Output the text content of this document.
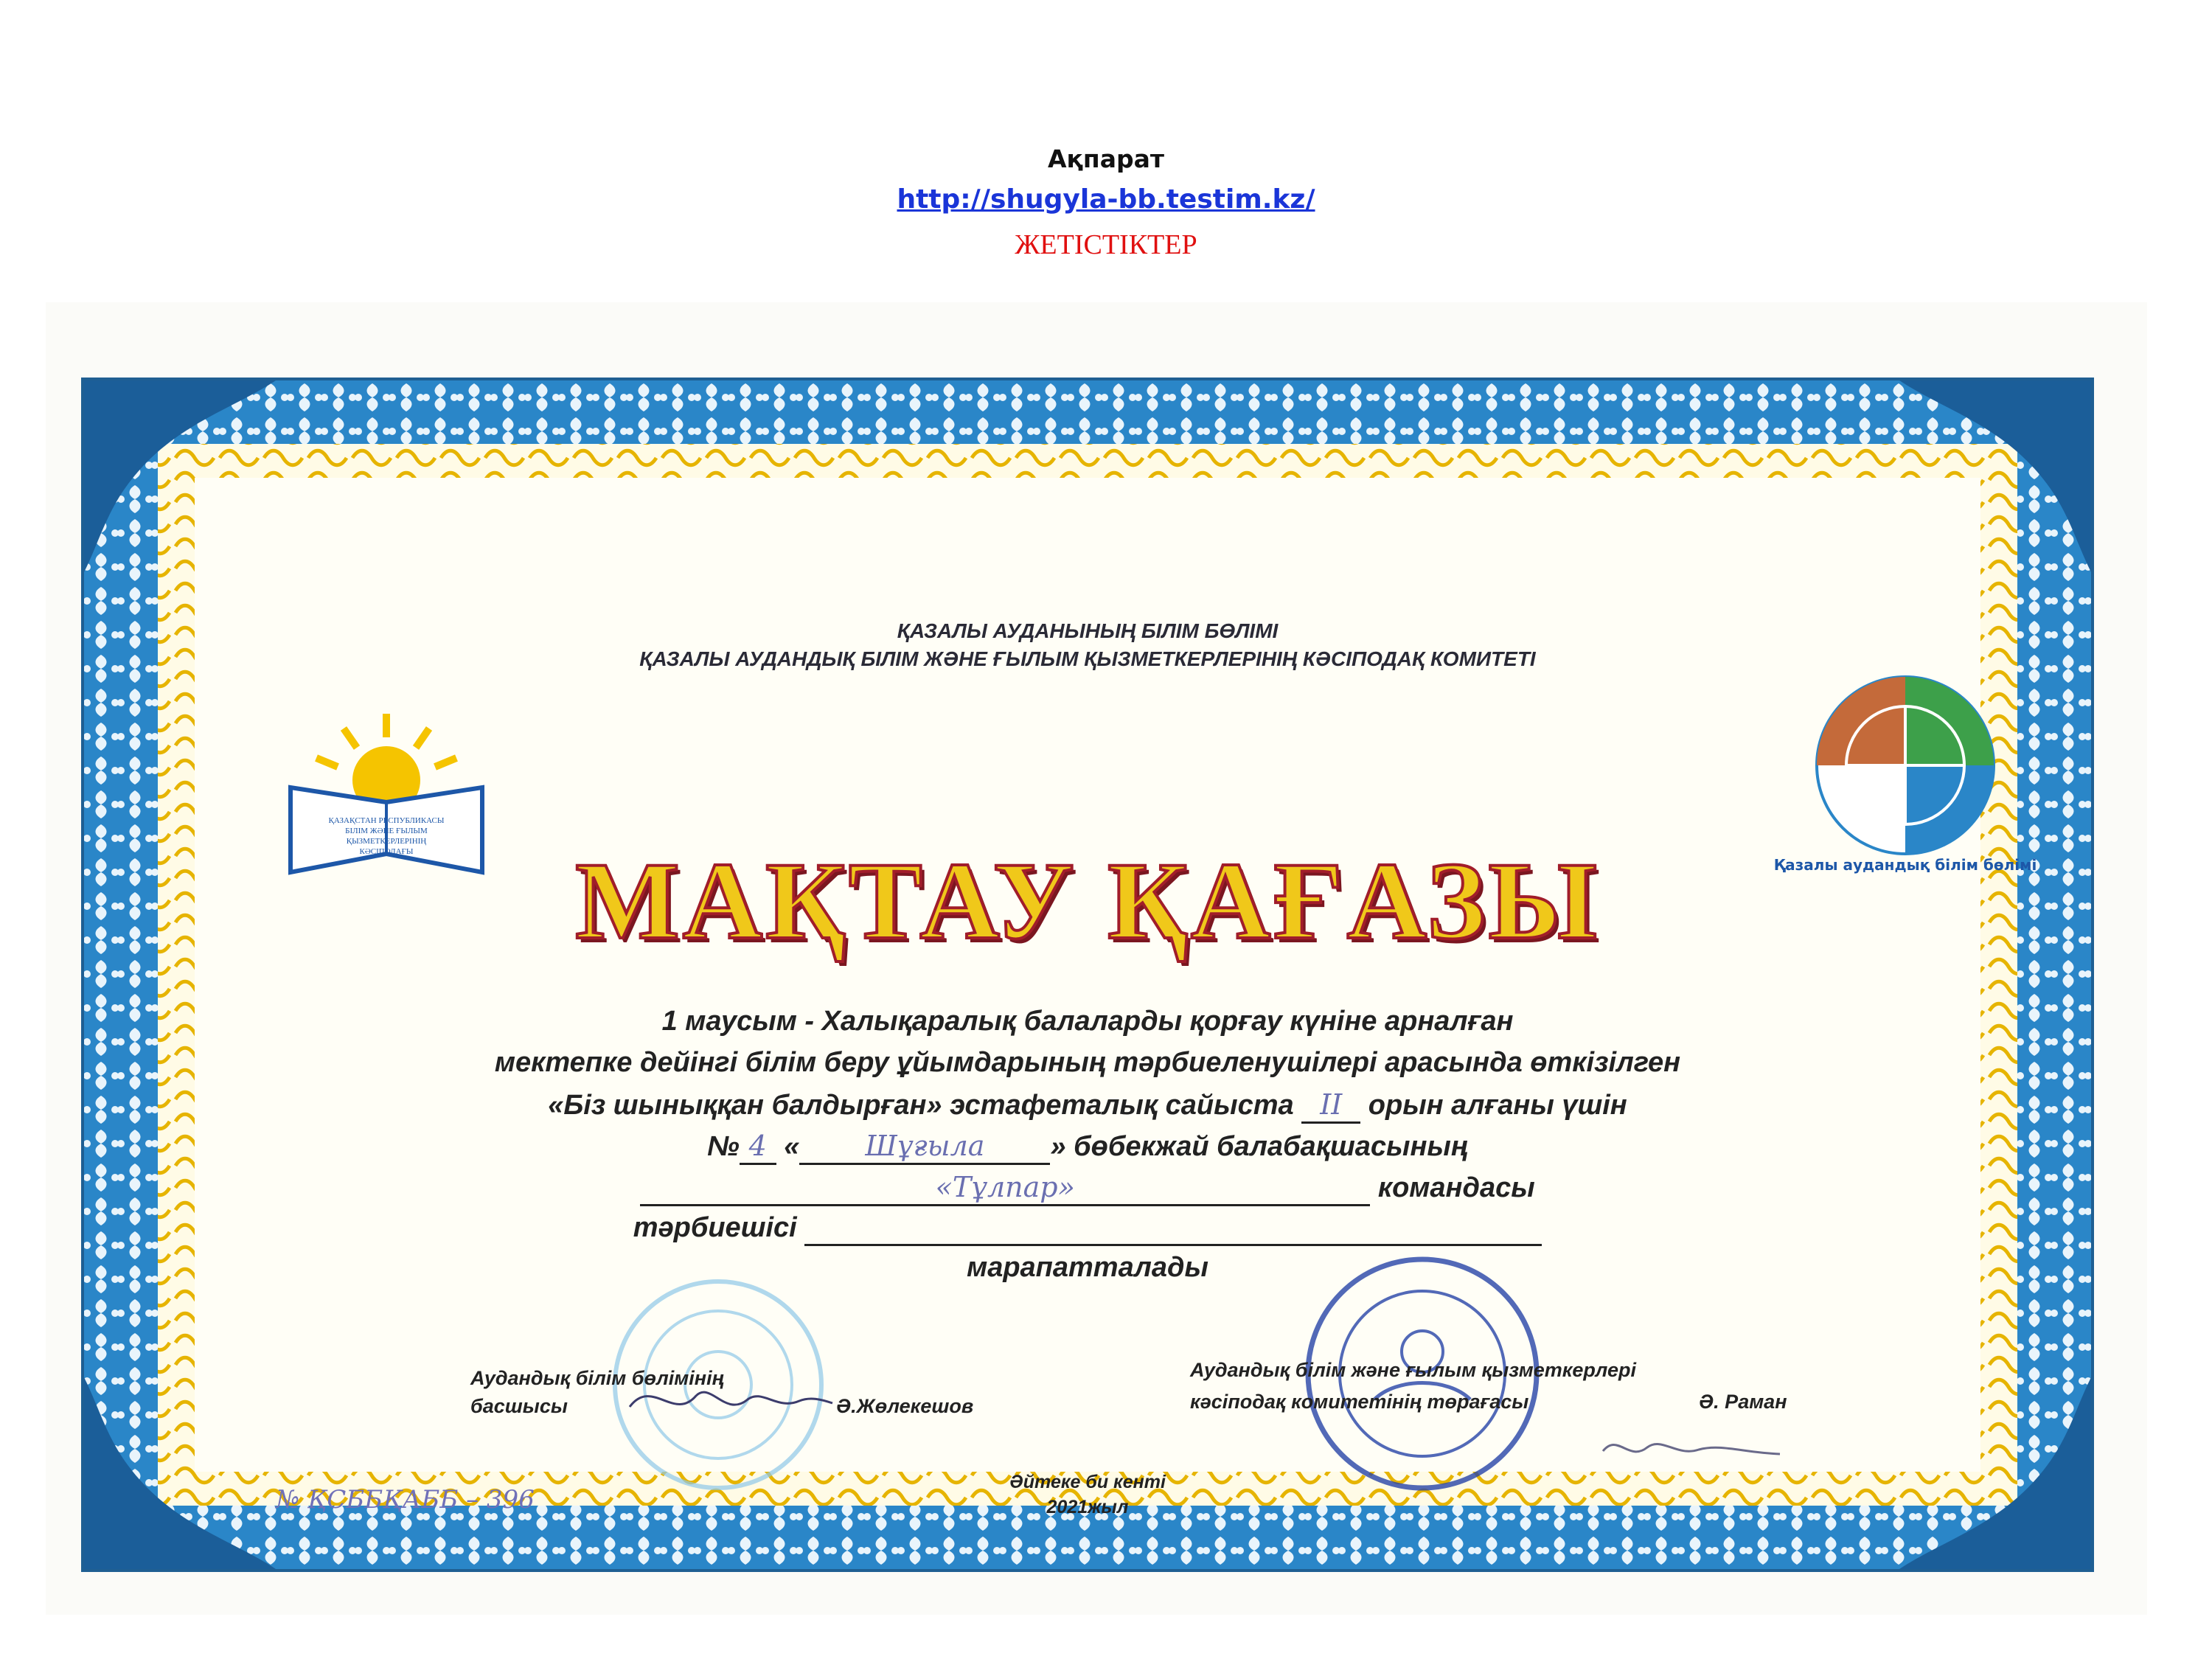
Ақпарат
http://shugyla-bb.testim.kz/
ЖЕТІСТІКТЕР
ҚАЗАЛЫ АУДАНЫНЫҢ БІЛІМ БӨЛІМІ
ҚАЗАЛЫ АУДАНДЫҚ БІЛІМ ЖӘНЕ ҒЫЛЫМ ҚЫЗМЕТКЕРЛЕРІНІҢ КӘСІПОДАҚ КОМИТЕТІ
ҚАЗАҚСТАН РЕСПУБЛИКАСЫ
БІЛІМ ЖӘНЕ ҒЫЛЫМ
ҚЫЗМЕТКЕРЛЕРІНІҢ
КӘСІПОДАҒЫ
Қазалы аудандық білім бөлімі
МАҚТАУ ҚАҒАЗЫ
1 маусым - Халықаралық балаларды қорғау күніне арналған
мектепке дейінгі білім беру ұйымдарының тәрбиеленушілері арасында өткізілген
«Біз шыныққан балдырған» эстафеталық сайыста II орын алғаны үшін
№ 4 « Шұғыла » бөбекжай балабақшасының
«Тұлпар»	командасы
тәрбиешісі
марапатталады
Аудандық білім бөлімінің
басшысы	Ә.Жөлекешов
Аудандық білім және ғылым қызметкерлері
кәсіподақ комитетінің төрағасы	Ә. Раман
Әйтеке би кенті
2021жыл
№ ҚСББҚАББ – 396
